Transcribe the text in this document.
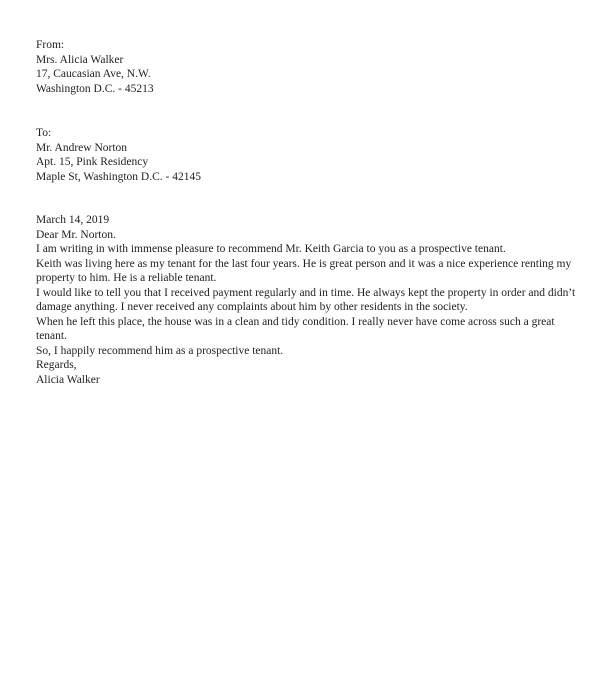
From:

Mrs. Alicia Walker

17, Caucasian Ave, N.W.

Washington D.C. - 45213

To:

Mr. Andrew Norton

Apt. 15, Pink Residency

Maple St, Washington D.C. - 42145

March 14, 2019

Dear Mr. Norton.

I am writing in with immense pleasure to recommend Mr. Keith Garcia to you as a prospective tenant.

Keith was living here as my tenant for the last four years. He is great person and it was a nice experience renting my property to him. He is a reliable tenant.

I would like to tell you that I received payment regularly and in time. He always kept the property in order and didn’t damage anything. I never received any complaints about him by other residents in the society.

When he left this place, the house was in a clean and tidy condition. I really never have come across such a great tenant.

So, I happily recommend him as a prospective tenant.

Regards,

Alicia Walker
